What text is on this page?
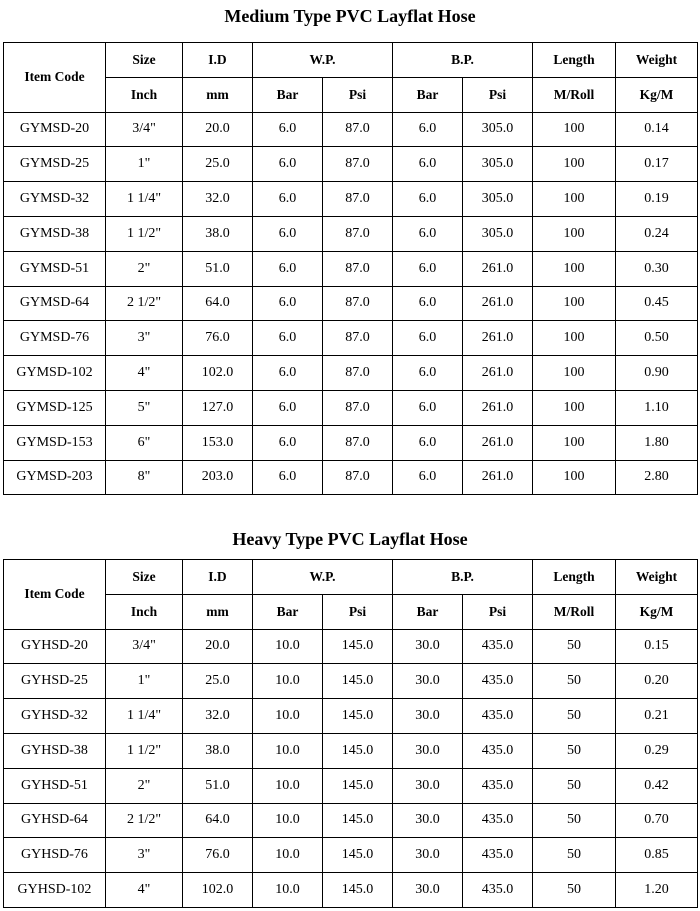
Medium Type PVC Layflat Hose
Item Code	Size	I.D	W.P.		B.P.		Length	Weight
	Inch	mm	Bar	Psi	Bar	Psi	M/Roll	Kg/M
GYMSD-20	3/4"	20.0	6.0	87.0	6.0	305.0	100	0.14
GYMSD-25	1"	25.0	6.0	87.0	6.0	305.0	100	0.17
GYMSD-32	1 1/4"	32.0	6.0	87.0	6.0	305.0	100	0.19
GYMSD-38	1 1/2"	38.0	6.0	87.0	6.0	305.0	100	0.24
GYMSD-51	2"	51.0	6.0	87.0	6.0	261.0	100	0.30
GYMSD-64	2 1/2"	64.0	6.0	87.0	6.0	261.0	100	0.45
GYMSD-76	3"	76.0	6.0	87.0	6.0	261.0	100	0.50
GYMSD-102	4"	102.0	6.0	87.0	6.0	261.0	100	0.90
GYMSD-125	5"	127.0	6.0	87.0	6.0	261.0	100	1.10
GYMSD-153	6"	153.0	6.0	87.0	6.0	261.0	100	1.80
GYMSD-203	8"	203.0	6.0	87.0	6.0	261.0	100	2.80
Heavy Type PVC Layflat Hose
Item Code	Size	I.D	W.P.		B.P.		Length	Weight
	Inch	mm	Bar	Psi	Bar	Psi	M/Roll	Kg/M
GYHSD-20	3/4"	20.0	10.0	145.0	30.0	435.0	50	0.15
GYHSD-25	1"	25.0	10.0	145.0	30.0	435.0	50	0.20
GYHSD-32	1 1/4"	32.0	10.0	145.0	30.0	435.0	50	0.21
GYHSD-38	1 1/2"	38.0	10.0	145.0	30.0	435.0	50	0.29
GYHSD-51	2"	51.0	10.0	145.0	30.0	435.0	50	0.42
GYHSD-64	2 1/2"	64.0	10.0	145.0	30.0	435.0	50	0.70
GYHSD-76	3"	76.0	10.0	145.0	30.0	435.0	50	0.85
GYHSD-102	4"	102.0	10.0	145.0	30.0	435.0	50	1.20
